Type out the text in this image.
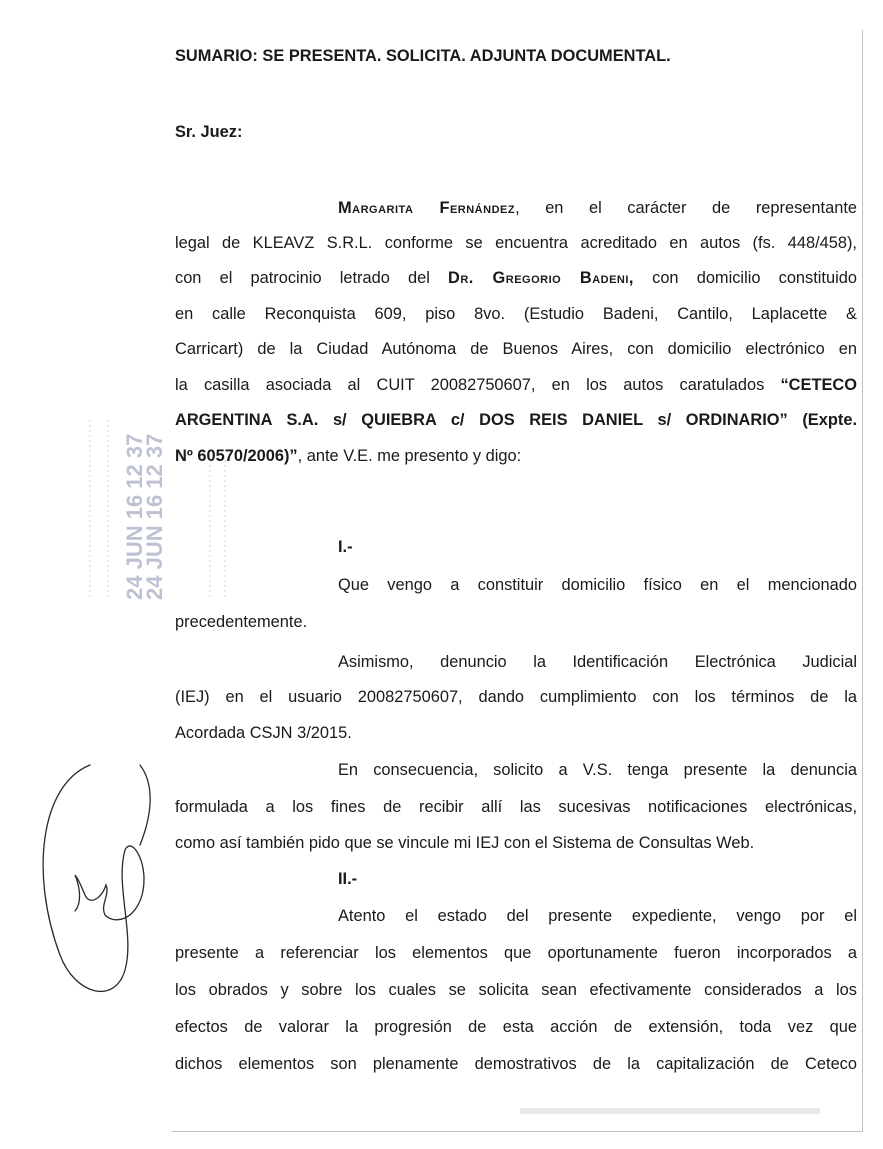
SUMARIO: SE PRESENTA. SOLICITA. ADJUNTA DOCUMENTAL.
Sr. Juez:
Margarita Fernández, en el carácter de representante
legal de KLEAVZ S.R.L. conforme se encuentra acreditado en autos (fs. 448/458),
con el patrocinio letrado del Dr. Gregorio Badeni, con domicilio constituido
en calle Reconquista 609, piso 8vo. (Estudio Badeni, Cantilo, Laplacette &
Carricart) de la Ciudad Autónoma de Buenos Aires, con domicilio electrónico en
la casilla asociada al CUIT 20082750607, en los autos caratulados “CETECO
ARGENTINA S.A. s/ QUIEBRA c/ DOS REIS DANIEL s/ ORDINARIO” (Expte.
Nº 60570/2006)”, ante V.E. me presento y digo:
I.-
Que vengo a constituir domicilio físico en el mencionado
precedentemente.
Asimismo, denuncio la Identificación Electrónica Judicial
(IEJ) en el usuario 20082750607, dando cumplimiento con los términos de la
Acordada CSJN 3/2015.
En consecuencia, solicito a V.S. tenga presente la denuncia
formulada a los fines de recibir allí las sucesivas notificaciones electrónicas,
como así también pido que se vincule mi IEJ con el Sistema de Consultas Web.
II.-
Atento el estado del presente expediente, vengo por el
presente a referenciar los elementos que oportunamente fueron incorporados a
los obrados y sobre los cuales se solicita sean efectivamente considerados a los
efectos de valorar la progresión de esta acción de extensión, toda vez que
dichos elementos son plenamente demostrativos de la capitalización de Ceteco
24 JUN 16 12 37
24 JUN 16 12 37
